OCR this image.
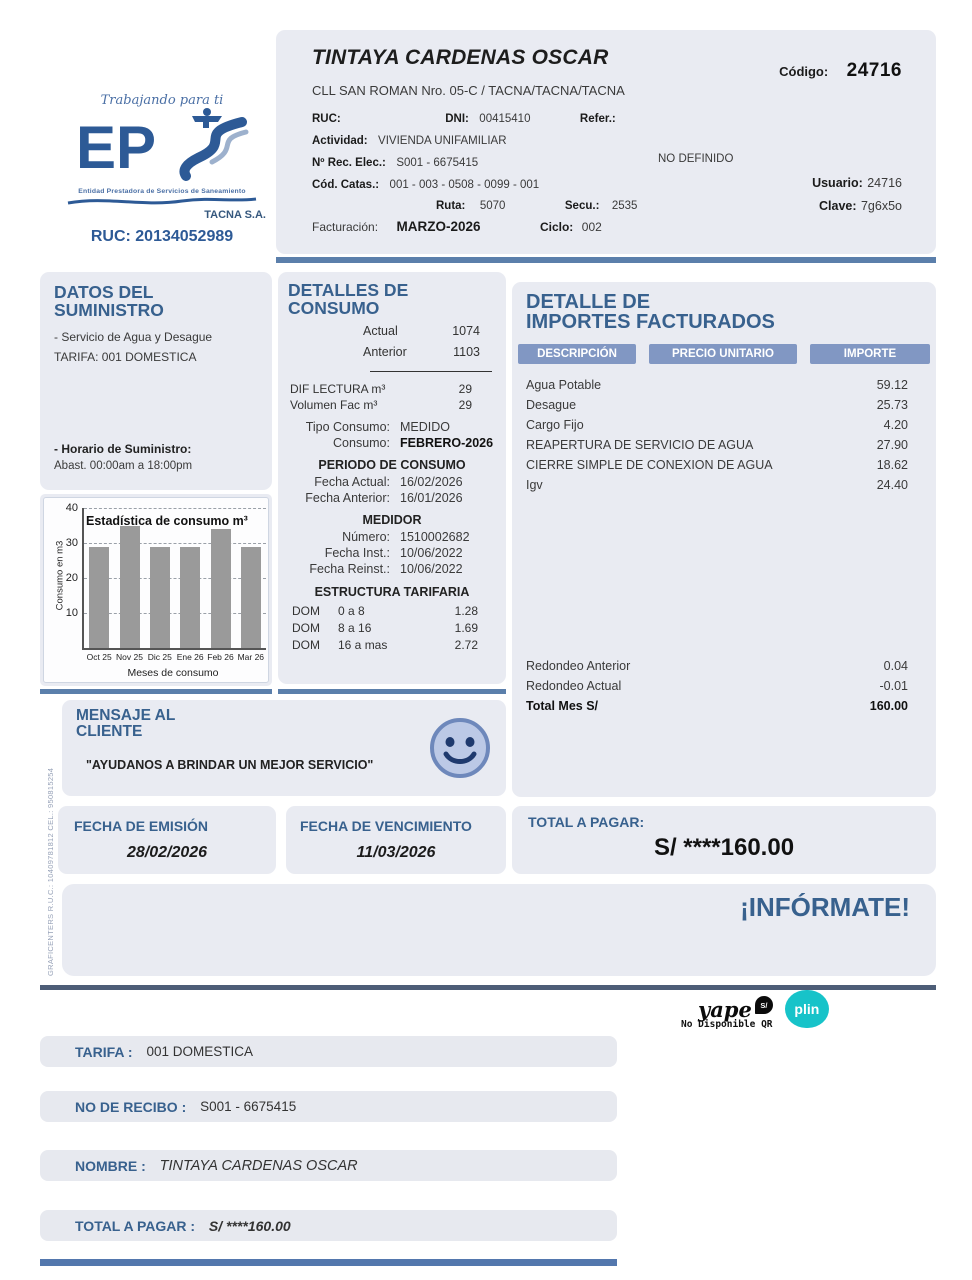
TINTAYA CARDENAS OSCAR
Código: 24716
CLL SAN ROMAN Nro. 05-C / TACNA/TACNA/TACNA
RUC:	DNI: 00415410	Refer.:
Actividad: VIVIENDA UNIFAMILIAR
Nº Rec. Elec.: S001 - 6675415	NO DEFINIDO
Cód. Catas.: 001 - 003 - 0508 - 0099 - 001
Ruta: 5070	Secu.: 2535
Usuario: 24716
Clave: 7g6x5o
Facturación: MARZO-2026	Ciclo: 002
Trabajando para ti
EP
Entidad Prestadora de Servicios de Saneamiento
TACNA S.A.
RUC: 20134052989
DATOS DEL
SUMINISTRO
- Servicio de Agua y Desague
TARIFA: 001 DOMESTICA
- Horario de Suministro:
Abast. 00:00am a 18:00pm
Consumo en m3
10
20
30
40
Oct 25 Nov 25 Dic 25 Ene 26 Feb 26 Mar 26
Estadística de consumo m³
Meses de consumo
DETALLES DE
CONSUMO
Actual	1074
Anterior	1103
DIF LECTURA m³	29
Volumen Fac m³	29
Tipo Consumo: MEDIDO
Consumo: FEBRERO-2026
PERIODO DE CONSUMO
Fecha Actual: 16/02/2026
Fecha Anterior: 16/01/2026
MEDIDOR
Número: 1510002682
Fecha Inst.: 10/06/2022
Fecha Reinst.: 10/06/2022
ESTRUCTURA TARIFARIA
DOM	0 a 8	1.28
DOM	8 a 16	1.69
DOM	16 a mas	2.72
DETALLE DE
IMPORTES FACTURADOS
DESCRIPCIÓN	PRECIO UNITARIO	IMPORTE
Agua Potable	59.12
Desague	25.73
Cargo Fijo	4.20
REAPERTURA DE SERVICIO DE AGUA	27.90
CIERRE SIMPLE DE CONEXION DE AGUA	18.62
Igv	24.40
Redondeo Anterior	0.04
Redondeo Actual	-0.01
Total Mes S/	160.00
MENSAJE AL
CLIENTE
"AYUDANOS A BRINDAR UN MEJOR SERVICIO"
FECHA DE EMISIÓN
28/02/2026
FECHA DE VENCIMIENTO
11/03/2026
TOTAL A PAGAR:
S/ ****160.00
¡INFÓRMATE!
GRAFICENTERS R.U.C.: 10409781812 CEL.: 950815254
yape	S/	plin
No Disponible QR
TARIFA : 001 DOMESTICA
NO DE RECIBO : S001 - 6675415
NOMBRE : TINTAYA CARDENAS OSCAR
TOTAL A PAGAR : S/ ****160.00
